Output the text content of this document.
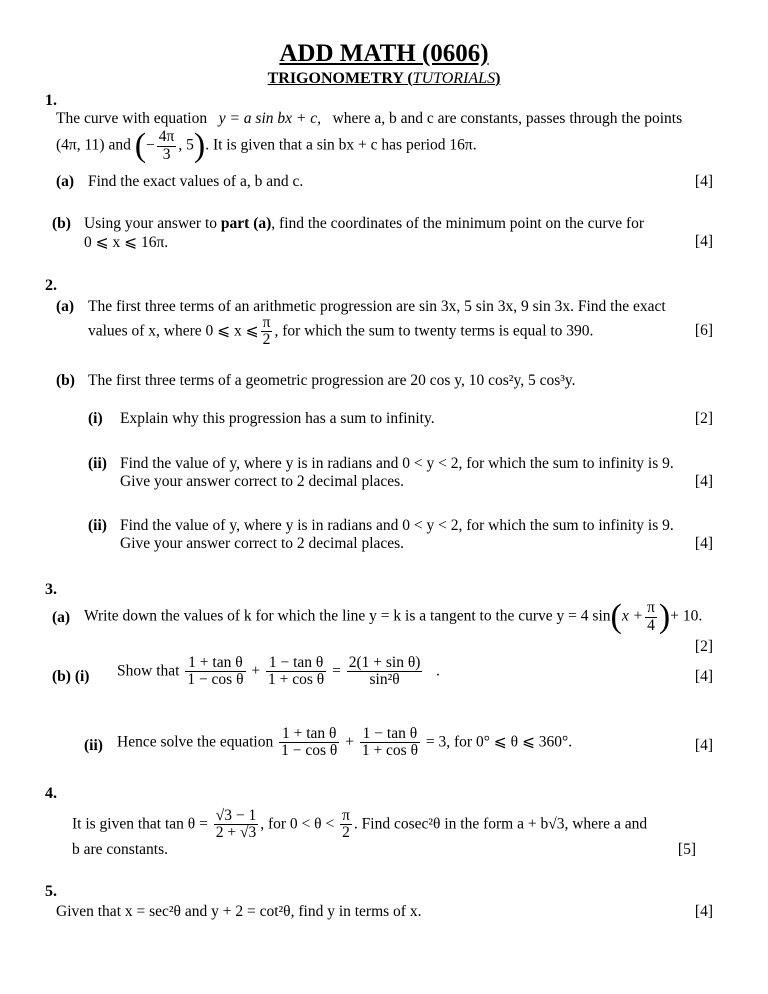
ADD MATH (0606)
TRIGONOMETRY (TUTORIALS)
1.
The curve with equation y = a sin bx + c, where a, b and c are constants, passes through the points
(4π, 11) and (− $\frac{4\pi}{3}$ , 5). It is given that a sin bx + c has period 16π.
(a) Find the exact values of a, b and c.	[4]
(b) Using your answer to part (a), find the coordinates of the minimum point on the curve for
0 ⩽ x ⩽ 16π.	[4]
2.
(a) The first three terms of an arithmetic progression are sin 3x, 5 sin 3x, 9 sin 3x. Find the exact
values of x, where 0 ⩽ x ⩽ $\frac{\pi}{2}$ , for which the sum to twenty terms is equal to 390.	[6]
(b) The first three terms of a geometric progression are 20 cos y, 10 cos²y, 5 cos³y.
(i) Explain why this progression has a sum to infinity.	[2]
(ii) Find the value of y, where y is in radians and 0 < y < 2, for which the sum to infinity is 9.
Give your answer correct to 2 decimal places.	[4]
(ii) Find the value of y, where y is in radians and 0 < y < 2, for which the sum to infinity is 9.
Give your answer correct to 2 decimal places.	[4]
3.
(a) Write down the values of k for which the line y = k is a tangent to the curve y = 4 $\sin(x + \frac{\pi}{4}$ )+ 10.
[2]
(b) (i) Show that $\frac{\text{1 + tan θ}}{\text{1 − cos θ}} + \frac{\text{1 − tan θ}}{\text{1 + cos θ}} = \frac{\text{2(1 + sin θ)}}{\text{sin²θ}}$ .	[4]
(ii) Hence solve the equation $\frac{\text{1 + tan θ}}{\text{1 − cos θ}} + \frac{\text{1 − tan θ}}{\text{1 + cos θ}} = 3$, for 0° ⩽ θ ⩽ 360°.	[4]
4.
It is given that $\tan \theta = \frac{√3 - 1}{2 + √3}$ , for $0 < \theta < \frac{\pi}{2}$ . Find cosec²θ in the form a + b√3, where a and
b are constants.	[5]
5.
Given that x = sec²θ and y + 2 = cot²θ, find y in terms of x.	[4]
